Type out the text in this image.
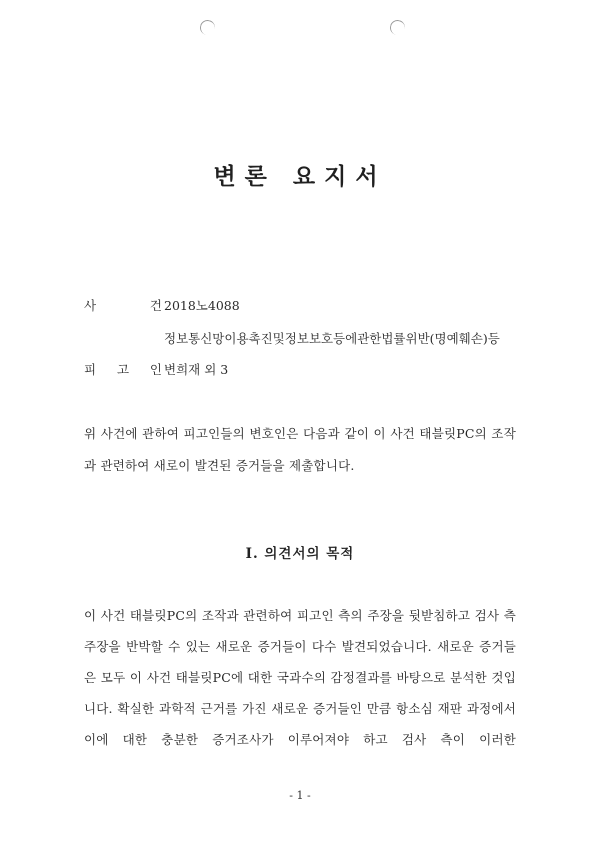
변론 요지서
사 건 2018노4088
정보통신망이용촉진및정보보호등에관한법률위반(명예훼손)등
피 고 인 변희재 외 3

위 사건에 관하여 피고인들의 변호인은 다음과 같이 이 사건 태블릿PC의 조작과 관련하여 새로이 발견된 증거들을 제출합니다.

Ⅰ. 의견서의 목적

이 사건 태블릿PC의 조작과 관련하여 피고인 측의 주장을 뒷받침하고 검사 측 주장을 반박할 수 있는 새로운 증거들이 다수 발견되었습니다. 새로운 증거들은 모두 이 사건 태블릿PC에 대한 국과수의 감정결과를 바탕으로 분석한 것입니다. 확실한 과학적 근거를 가진 새로운 증거들인 만큼 항소심 재판 과정에서 이에 대한 충분한 증거조사가 이루어져야 하고 검사 측이 이러한

- 1 -
